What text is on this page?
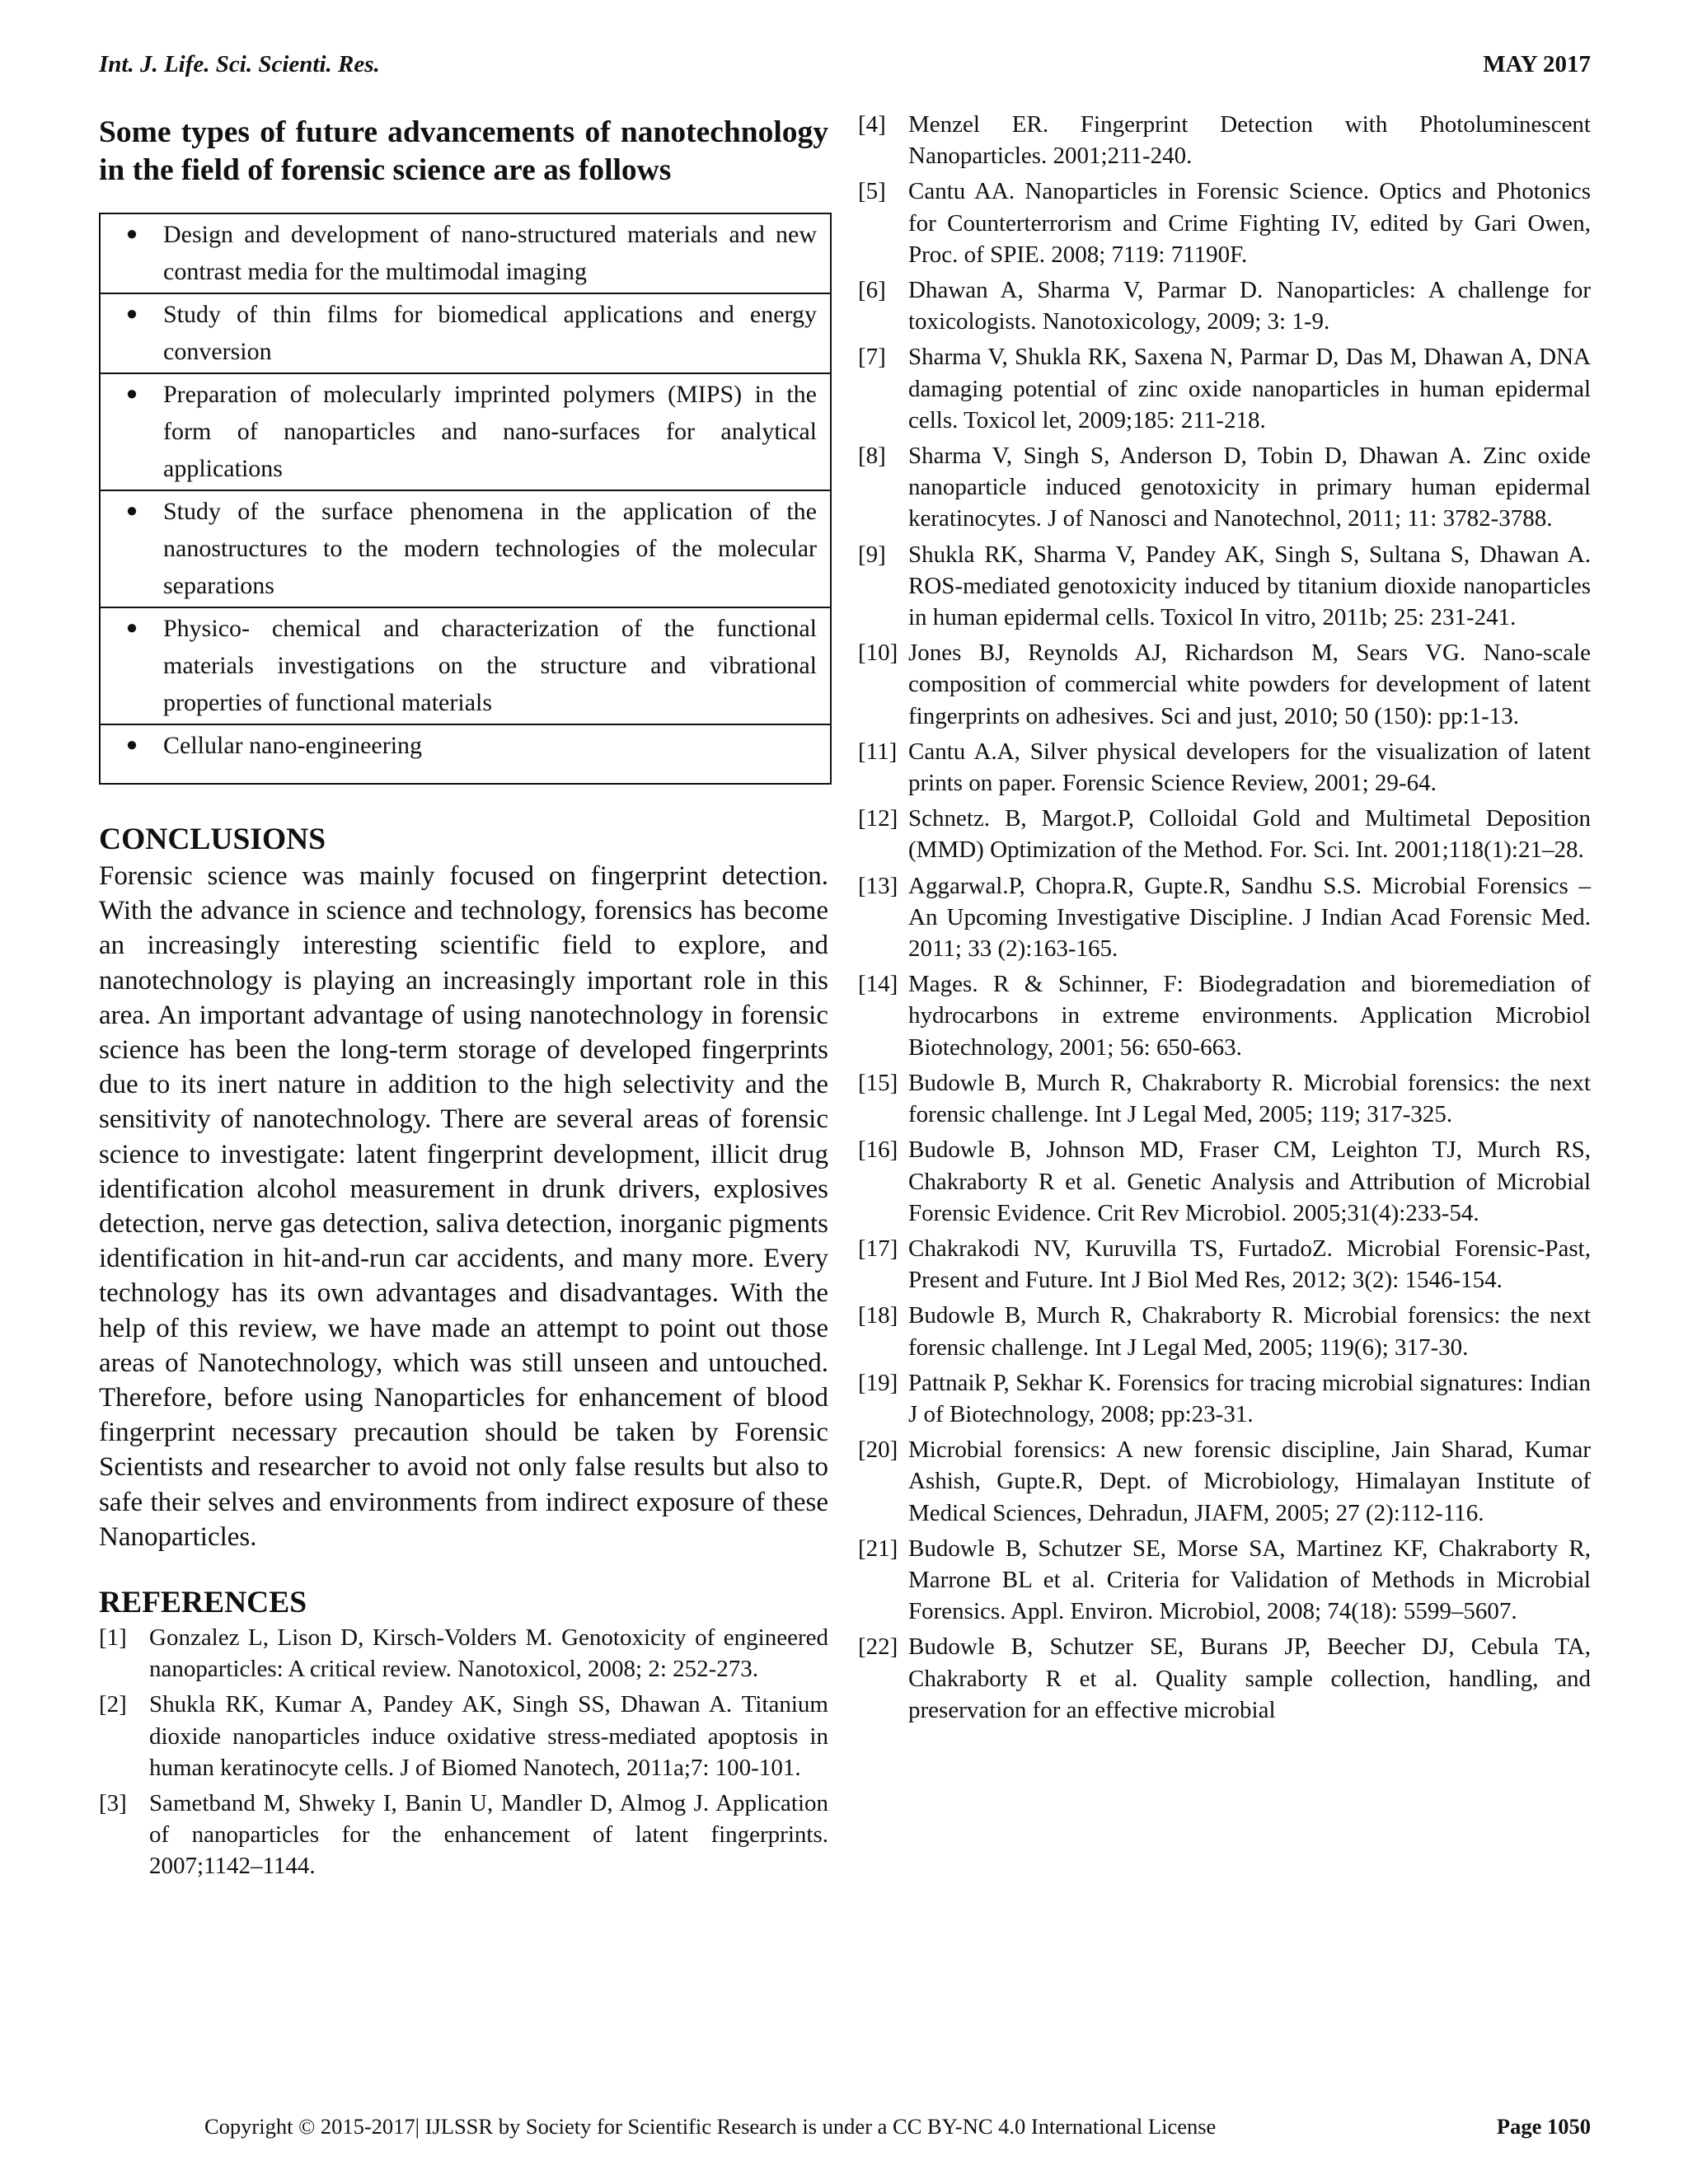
Int. J. Life. Sci. Scienti. Res.	MAY 2017
Some types of future advancements of nanotechnology in the field of forensic science are as follows
●	Design and development of nano-structured materials and new contrast media for the multimodal imaging
●	Study of thin films for biomedical applications and energy conversion
●	Preparation of molecularly imprinted polymers (MIPS) in the form of nanoparticles and nano-surfaces for analytical applications
●	Study of the surface phenomena in the application of the nanostructures to the modern technologies of the molecular separations
●	Physico- chemical and characterization of the functional materials investigations on the structure and vibrational properties of functional materials
●	Cellular nano-engineering
CONCLUSIONS

Forensic science was mainly focused on fingerprint detection. With the advance in science and technology, forensics has become an increasingly interesting scientific field to explore, and nanotechnology is playing an increasingly important role in this area. An important advantage of using nanotechnology in forensic science has been the long-term storage of developed fingerprints due to its inert nature in addition to the high selectivity and the sensitivity of nanotechnology. There are several areas of forensic science to investigate: latent fingerprint development, illicit drug identification alcohol measurement in drunk drivers, explosives detection, nerve gas detection, saliva detection, inorganic pigments identification in hit-and-run car accidents, and many more. Every technology has its own advantages and disadvantages. With the help of this review, we have made an attempt to point out those areas of Nanotechnology, which was still unseen and untouched. Therefore, before using Nanoparticles for enhancement of blood fingerprint necessary precaution should be taken by Forensic Scientists and researcher to avoid not only false results but also to safe their selves and environments from indirect exposure of these Nanoparticles.

REFERENCES
[1] Gonzalez L, Lison D, Kirsch-Volders M. Genotoxicity of engineered nanoparticles: A critical review. Nanotoxicol, 2008; 2: 252-273.
[2] Shukla RK, Kumar A, Pandey AK, Singh SS, Dhawan A. Titanium dioxide nanoparticles induce oxidative stress-mediated apoptosis in human keratinocyte cells. J of Biomed Nanotech, 2011a;7: 100-101.
[3] Sametband M, Shweky I, Banin U, Mandler D, Almog J. Application of nanoparticles for the enhancement of latent fingerprints. 2007;1142–1144.
[4] Menzel ER. Fingerprint Detection with Photoluminescent Nanoparticles. 2001;211-240.
[5] Cantu AA. Nanoparticles in Forensic Science. Optics and Photonics for Counterterrorism and Crime Fighting IV, edited by Gari Owen, Proc. of SPIE. 2008; 7119: 71190F.
[6] Dhawan A, Sharma V, Parmar D. Nanoparticles: A challenge for toxicologists. Nanotoxicology, 2009; 3: 1-9.
[7] Sharma V, Shukla RK, Saxena N, Parmar D, Das M, Dhawan A, DNA damaging potential of zinc oxide nanoparticles in human epidermal cells. Toxicol let, 2009;185: 211-218.
[8] Sharma V, Singh S, Anderson D, Tobin D, Dhawan A. Zinc oxide nanoparticle induced genotoxicity in primary human epidermal keratinocytes. J of Nanosci and Nanotechnol, 2011; 11: 3782-3788.
[9] Shukla RK, Sharma V, Pandey AK, Singh S, Sultana S, Dhawan A. ROS-mediated genotoxicity induced by titanium dioxide nanoparticles in human epidermal cells. Toxicol In vitro, 2011b; 25: 231-241.
[10] Jones BJ, Reynolds AJ, Richardson M, Sears VG. Nano-scale composition of commercial white powders for development of latent fingerprints on adhesives. Sci and just, 2010; 50 (150): pp:1-13.
[11] Cantu A.A, Silver physical developers for the visualization of latent prints on paper. Forensic Science Review, 2001; 29-64.
[12] Schnetz. B, Margot.P, Colloidal Gold and Multimetal Deposition (MMD) Optimization of the Method. For. Sci. Int. 2001;118(1):21–28.
[13] Aggarwal.P, Chopra.R, Gupte.R, Sandhu S.S. Microbial Forensics – An Upcoming Investigative Discipline. J Indian Acad Forensic Med. 2011; 33 (2):163-165.
[14] Mages. R & Schinner, F: Biodegradation and bioremediation of hydrocarbons in extreme environments. Application Microbiol Biotechnology, 2001; 56: 650-663.
[15] Budowle B, Murch R, Chakraborty R. Microbial forensics: the next forensic challenge. Int J Legal Med, 2005; 119; 317-325.
[16] Budowle B, Johnson MD, Fraser CM, Leighton TJ, Murch RS, Chakraborty R et al. Genetic Analysis and Attribution of Microbial Forensic Evidence. Crit Rev Microbiol. 2005;31(4):233-54.
[17] Chakrakodi NV, Kuruvilla TS, FurtadoZ. Microbial Forensic-Past, Present and Future. Int J Biol Med Res, 2012; 3(2): 1546-154.
[18] Budowle B, Murch R, Chakraborty R. Microbial forensics: the next forensic challenge. Int J Legal Med, 2005; 119(6); 317-30.
[19] Pattnaik P, Sekhar K. Forensics for tracing microbial signatures: Indian J of Biotechnology, 2008; pp:23-31.
[20] Microbial forensics: A new forensic discipline, Jain Sharad, Kumar Ashish, Gupte.R, Dept. of Microbiology, Himalayan Institute of Medical Sciences, Dehradun, JIAFM, 2005; 27 (2):112-116.
[21] Budowle B, Schutzer SE, Morse SA, Martinez KF, Chakraborty R, Marrone BL et al. Criteria for Validation of Methods in Microbial Forensics. Appl. Environ. Microbiol, 2008; 74(18): 5599–5607.
[22] Budowle B, Schutzer SE, Burans JP, Beecher DJ, Cebula TA, Chakraborty R et al. Quality sample collection, handling, and preservation for an effective microbial
Copyright © 2015-2017| IJLSSR by Society for Scientific Research is under a CC BY-NC 4.0 International License	Page 1050
